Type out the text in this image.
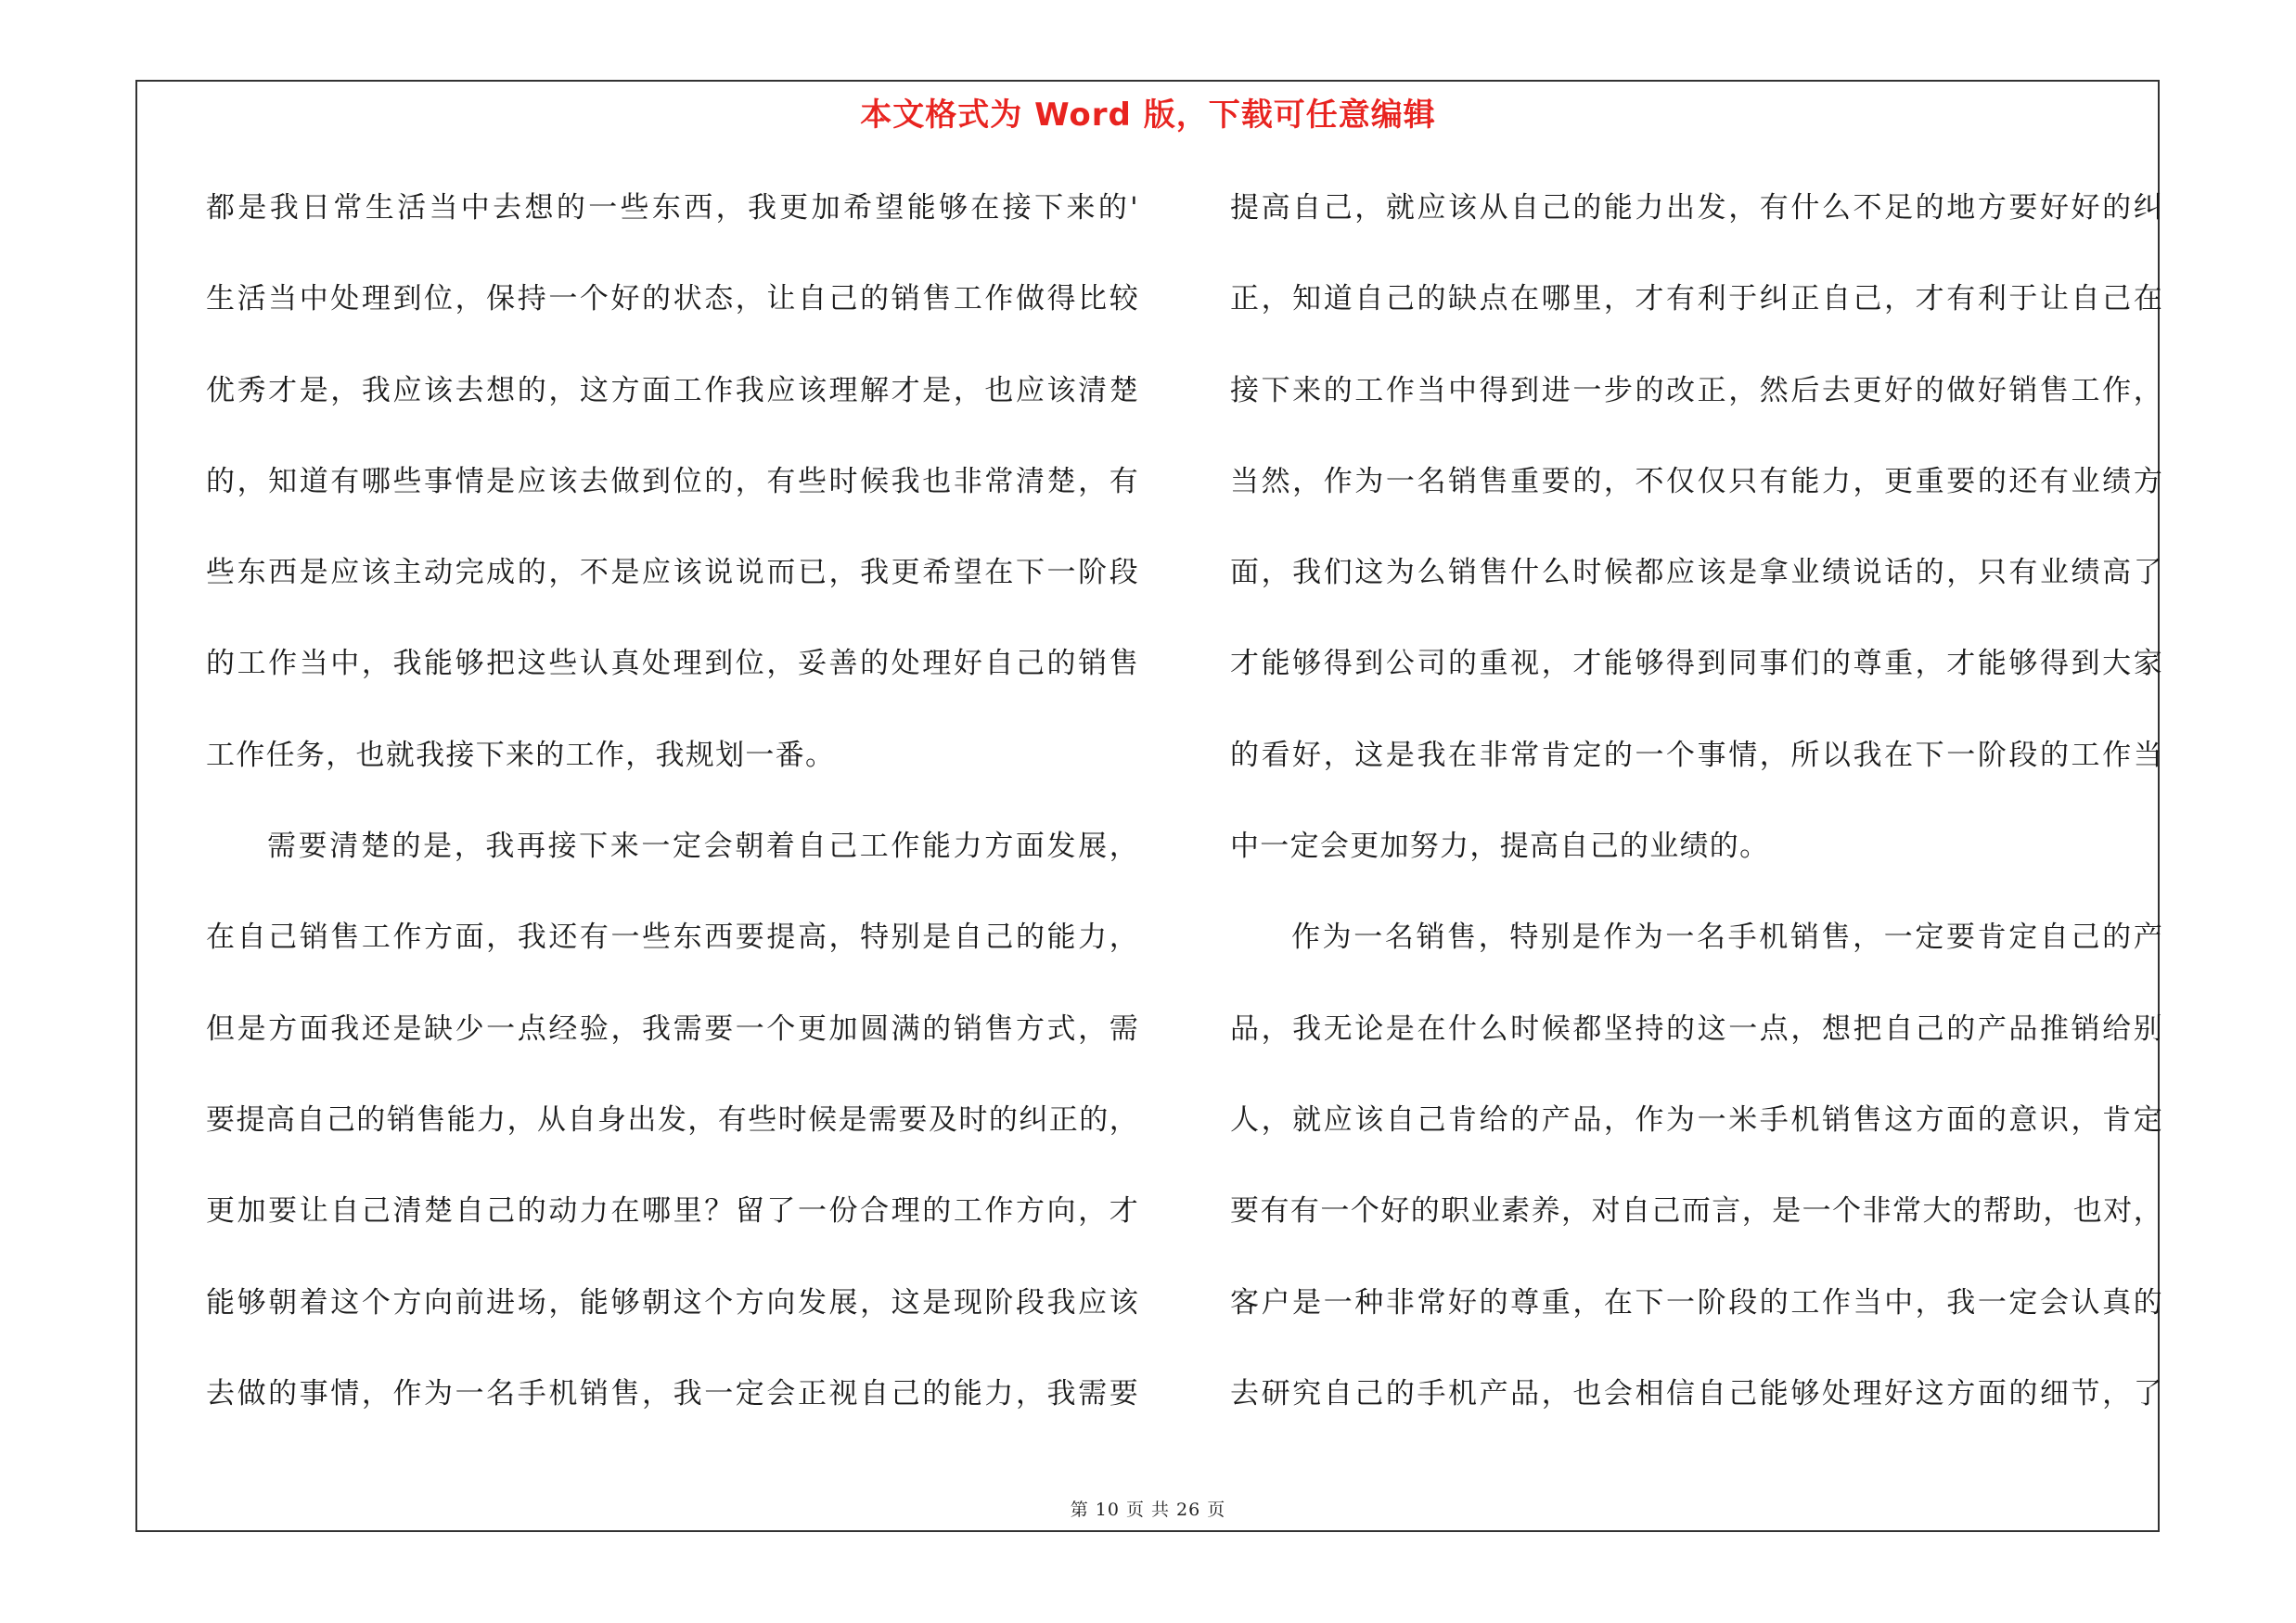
本文格式为 Word 版，下载可任意编辑
都是我日常生活当中去想的一些东西，我更加希望能够在接下来的'
生活当中处理到位，保持一个好的状态，让自己的销售工作做得比较
优秀才是，我应该去想的，这方面工作我应该理解才是，也应该清楚
的，知道有哪些事情是应该去做到位的，有些时候我也非常清楚，有
些东西是应该主动完成的，不是应该说说而已，我更希望在下一阶段
的工作当中，我能够把这些认真处理到位，妥善的处理好自己的销售
工作任务，也就我接下来的工作，我规划一番。
需要清楚的是，我再接下来一定会朝着自己工作能力方面发展，
在自己销售工作方面，我还有一些东西要提高，特别是自己的能力，
但是方面我还是缺少一点经验，我需要一个更加圆满的销售方式，需
要提高自己的销售能力，从自身出发，有些时候是需要及时的纠正的，
更加要让自己清楚自己的动力在哪里？留了一份合理的工作方向，才
能够朝着这个方向前进场，能够朝这个方向发展，这是现阶段我应该
去做的事情，作为一名手机销售，我一定会正视自己的能力，我需要
提高自己，就应该从自己的能力出发，有什么不足的地方要好好的纠
正，知道自己的缺点在哪里，才有利于纠正自己，才有利于让自己在
接下来的工作当中得到进一步的改正，然后去更好的做好销售工作，
当然，作为一名销售重要的，不仅仅只有能力，更重要的还有业绩方
面，我们这为么销售什么时候都应该是拿业绩说话的，只有业绩高了
才能够得到公司的重视，才能够得到同事们的尊重，才能够得到大家
的看好，这是我在非常肯定的一个事情，所以我在下一阶段的工作当
中一定会更加努力，提高自己的业绩的。
作为一名销售，特别是作为一名手机销售，一定要肯定自己的产
品，我无论是在什么时候都坚持的这一点，想把自己的产品推销给别
人，就应该自己肯给的产品，作为一米手机销售这方面的意识，肯定
要有有一个好的职业素养，对自己而言，是一个非常大的帮助，也对，
客户是一种非常好的尊重，在下一阶段的工作当中，我一定会认真的
去研究自己的手机产品，也会相信自己能够处理好这方面的细节，了
第 10 页 共 26 页
